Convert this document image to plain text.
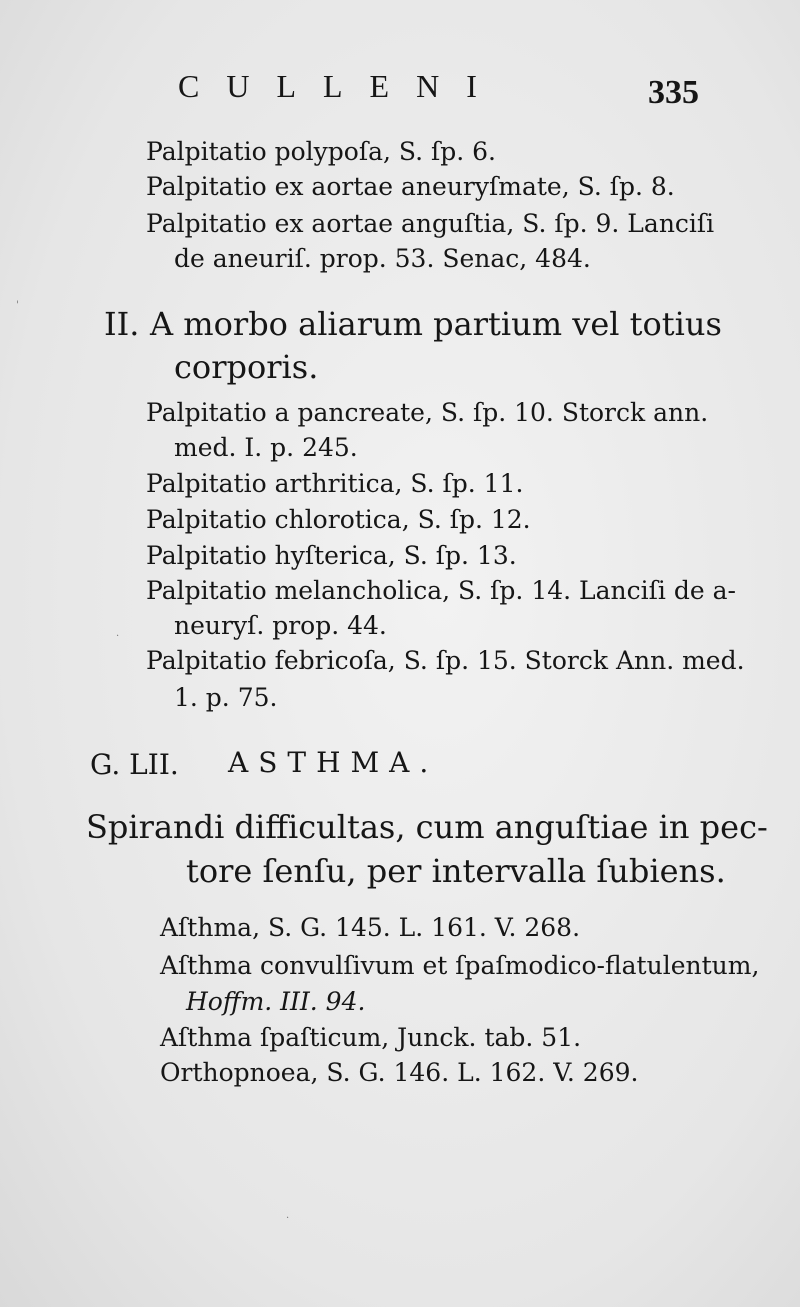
CULLENI	335
Palpitatio polypoſa, S. ſp. 6.
Palpitatio ex aortae aneuryſmate, S. ſp. 8.
Palpitatio ex aortae anguſtia, S. ſp. 9. Lanciſi
de aneuriſ. prop. 53. Senac, 484.
II. A morbo aliarum partium vel totius
corporis.
Palpitatio a pancreate, S. ſp. 10. Storck ann.
med. I. p. 245.
Palpitatio arthritica, S. ſp. 11.
Palpitatio chlorotica, S. ſp. 12.
Palpitatio hyſterica, S. ſp. 13.
Palpitatio melancholica, S. ſp. 14. Lanciſi de a-
neuryſ. prop. 44.
Palpitatio febricoſa, S. ſp. 15. Storck Ann. med.
1. p. 75.
G. LII. ASTHMA.
Spirandi difficultas, cum anguſtiae in pec-
tore ſenſu, per intervalla ſubiens.
Aſthma, S. G. 145. L. 161. V. 268.
Aſthma convulſivum et ſpaſmodico-flatulentum,
Hoffm. III. 94.
Aſthma ſpaſticum, Junck. tab. 51.
Orthopnoea, S. G. 146. L. 162. V. 269.
'
.
.
